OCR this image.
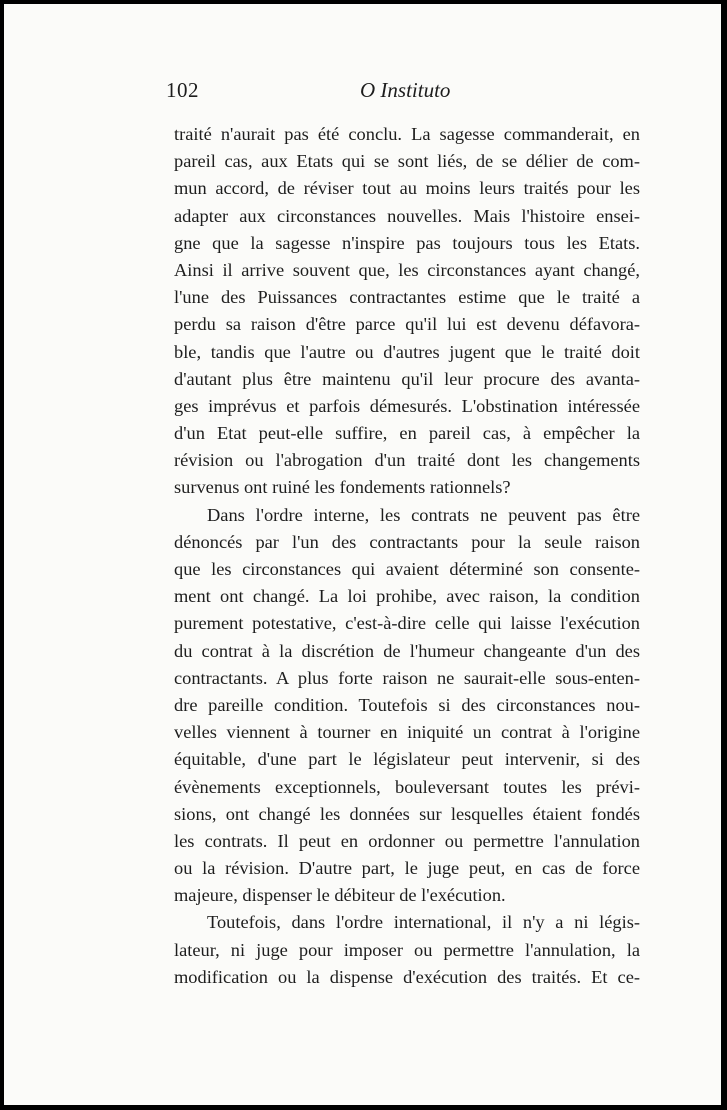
102	O Instituto
traité n'aurait pas été conclu. La sagesse commanderait, en
pareil cas, aux Etats qui se sont liés, de se délier de com-
mun accord, de réviser tout au moins leurs traités pour les
adapter aux circonstances nouvelles. Mais l'histoire ensei-
gne que la sagesse n'inspire pas toujours tous les Etats.
Ainsi il arrive souvent que, les circonstances ayant changé,
l'une des Puissances contractantes estime que le traité a
perdu sa raison d'être parce qu'il lui est devenu défavora-
ble, tandis que l'autre ou d'autres jugent que le traité doit
d'autant plus être maintenu qu'il leur procure des avanta-
ges imprévus et parfois démesurés. L'obstination intéressée
d'un Etat peut-elle suffire, en pareil cas, à empêcher la
révision ou l'abrogation d'un traité dont les changements
survenus ont ruiné les fondements rationnels?
Dans l'ordre interne, les contrats ne peuvent pas être
dénoncés par l'un des contractants pour la seule raison
que les circonstances qui avaient déterminé son consente-
ment ont changé. La loi prohibe, avec raison, la condition
purement potestative, c'est-à-dire celle qui laisse l'exécution
du contrat à la discrétion de l'humeur changeante d'un des
contractants. A plus forte raison ne saurait-elle sous-enten-
dre pareille condition. Toutefois si des circonstances nou-
velles viennent à tourner en iniquité un contrat à l'origine
équitable, d'une part le législateur peut intervenir, si des
évènements exceptionnels, bouleversant toutes les prévi-
sions, ont changé les données sur lesquelles étaient fondés
les contrats. Il peut en ordonner ou permettre l'annulation
ou la révision. D'autre part, le juge peut, en cas de force
majeure, dispenser le débiteur de l'exécution.
Toutefois, dans l'ordre international, il n'y a ni légis-
lateur, ni juge pour imposer ou permettre l'annulation, la
modification ou la dispense d'exécution des traités. Et ce-
